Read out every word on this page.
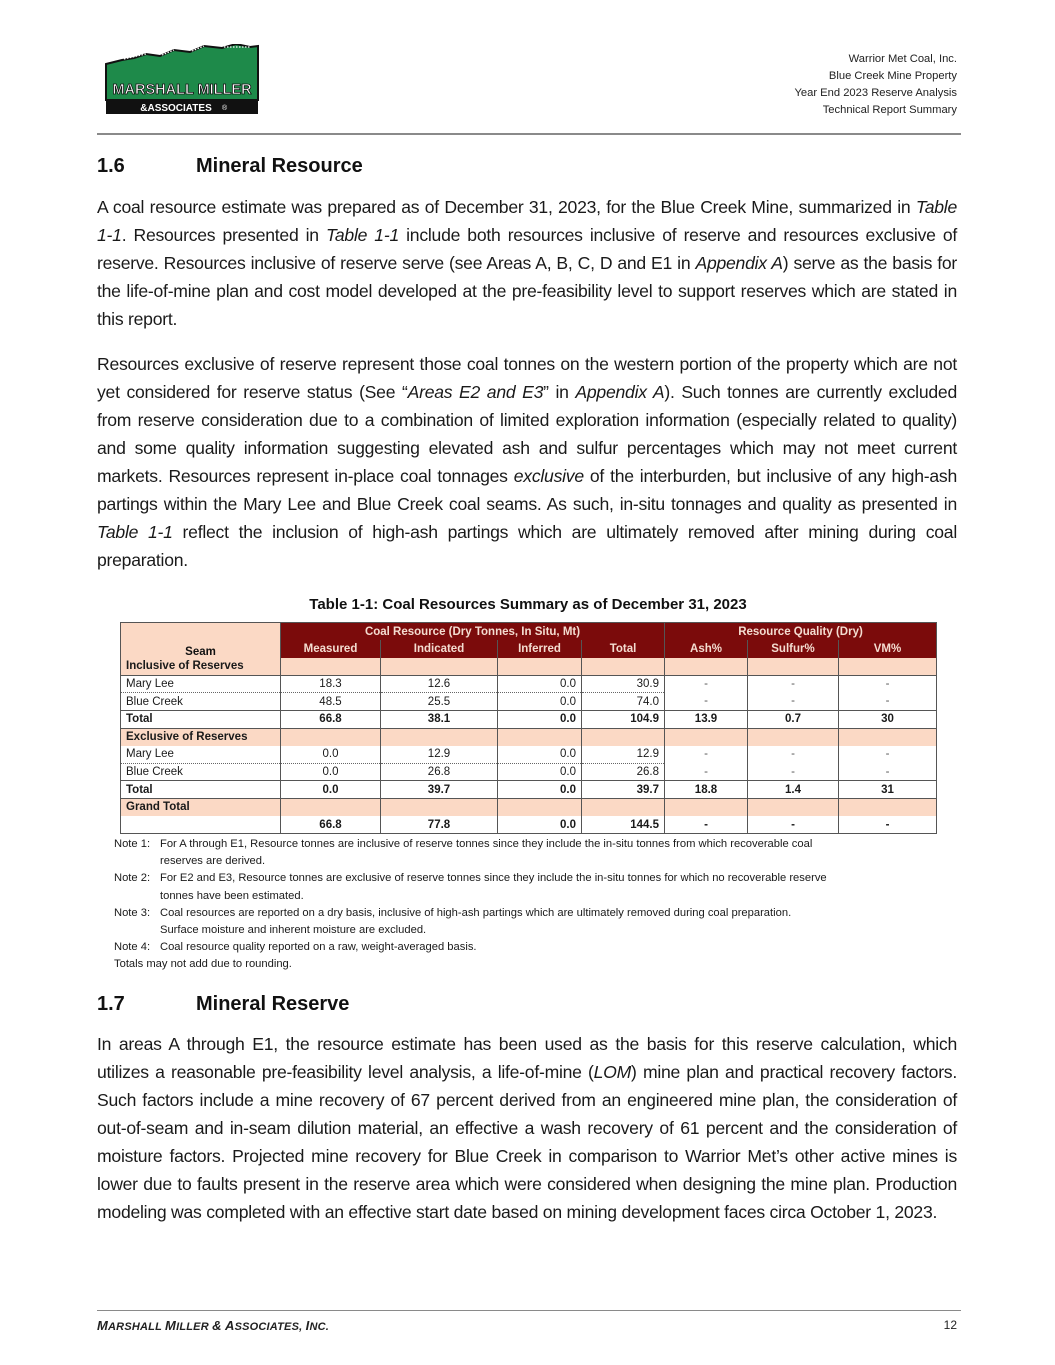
MARSHALL MILLER
&ASSOCIATES ®
Warrior Met Coal, Inc.
Blue Creek Mine Property
Year End 2023 Reserve Analysis
Technical Report Summary
1.6	Mineral Resource

A coal resource estimate was prepared as of December 31, 2023, for the Blue Creek Mine, summarized in Table 1-1. Resources presented in Table 1-1 include both resources inclusive of reserve and resources exclusive of reserve. Resources inclusive of reserve serve (see Areas A, B, C, D and E1 in Appendix A) serve as the basis for the life-of-mine plan and cost model developed at the pre-feasibility level to support reserves which are stated in this report.

Resources exclusive of reserve represent those coal tonnes on the western portion of the property which are not yet considered for reserve status (See “Areas E2 and E3” in Appendix A). Such tonnes are currently excluded from reserve consideration due to a combination of limited exploration information (especially related to quality) and some quality information suggesting elevated ash and sulfur percentages which may not meet current markets. Resources represent in-place coal tonnages exclusive of the interburden, but inclusive of any high-ash partings within the Mary Lee and Blue Creek coal seams. As such, in-situ tonnages and quality as presented in Table 1-1 reflect the inclusion of high-ash partings which are ultimately removed after mining during coal preparation.

Table 1-1: Coal Resources Summary as of December 31, 2023
Seam	Coal Resource (Dry Tonnes, In Situ, Mt)				Resource Quality (Dry)		
	Measured	Indicated	Inferred	Total	Ash%	Sulfur%	VM%
Inclusive of Reserves							
Mary Lee	18.3	12.6	0.0	30.9	-	-	-
Blue Creek	48.5	25.5	0.0	74.0	-	-	-
Total	66.8	38.1	0.0	104.9	13.9	0.7	30
Exclusive of Reserves							
Mary Lee	0.0	12.9	0.0	12.9	-	-	-
Blue Creek	0.0	26.8	0.0	26.8	-	-	-
Total	0.0	39.7	0.0	39.7	18.8	1.4	31
Grand Total							
	66.8	77.8	0.0	144.5	-	-	-
Note 1: For A through E1, Resource tonnes are inclusive of reserve tonnes since they include the in-situ tonnes from which recoverable coal
reserves are derived.
Note 2: For E2 and E3, Resource tonnes are exclusive of reserve tonnes since they include the in-situ tonnes for which no recoverable reserve
tonnes have been estimated.
Note 3: Coal resources are reported on a dry basis, inclusive of high-ash partings which are ultimately removed during coal preparation.
Surface moisture and inherent moisture are excluded.
Note 4: Coal resource quality reported on a raw, weight-averaged basis.
Totals may not add due to rounding.
1.7	Mineral Reserve

In areas A through E1, the resource estimate has been used as the basis for this reserve calculation, which utilizes a reasonable pre-feasibility level analysis, a life-of-mine (LOM) mine plan and practical recovery factors. Such factors include a mine recovery of 67 percent derived from an engineered mine plan, the consideration of out-of-seam and in-seam dilution material, an effective a wash recovery of 61 percent and the consideration of moisture factors. Projected mine recovery for Blue Creek in comparison to Warrior Met’s other active mines is lower due to faults present in the reserve area which were considered when designing the mine plan. Production modeling was completed with an effective start date based on mining development faces circa October 1, 2023.

MARSHALL MILLER & ASSOCIATES, INC.	12
